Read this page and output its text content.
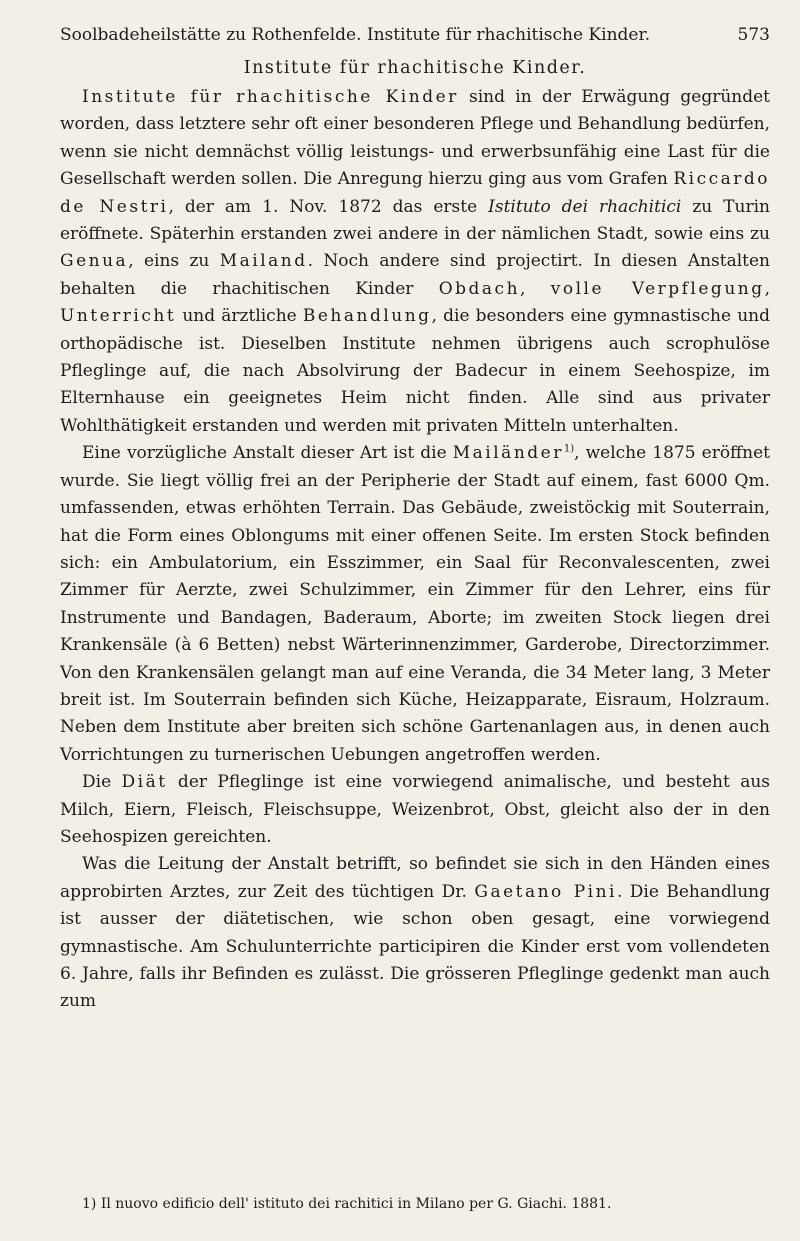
Soolbadeheilstätte zu Rothenfelde. Institute für rhachitische Kinder.	573
Institute für rhachitische Kinder.

Institute für rhachitische Kinder sind in der Erwägung gegründet worden, dass letztere sehr oft einer besonderen Pflege und Behandlung bedürfen, wenn sie nicht demnächst völlig leistungs- und erwerbsunfähig eine Last für die Gesellschaft werden sollen. Die Anregung hierzu ging aus vom Grafen Riccardo de Nestri, der am 1. Nov. 1872 das erste Istituto dei rhachitici zu Turin eröffnete. Späterhin erstanden zwei andere in der nämlichen Stadt, sowie eins zu Genua, eins zu Mailand. Noch andere sind projectirt. In diesen Anstalten behalten die rhachitischen Kinder Obdach, volle Verpflegung, Unterricht und ärztliche Behandlung, die besonders eine gymnastische und orthopädische ist. Dieselben Institute nehmen übrigens auch scrophulöse Pfleglinge auf, die nach Absolvirung der Badecur in einem Seehospize, im Elternhause ein geeignetes Heim nicht finden. Alle sind aus privater Wohlthätigkeit erstanden und werden mit privaten Mitteln unterhalten.

Eine vorzügliche Anstalt dieser Art ist die Mailänder$^{1)}$, welche 1875 eröffnet wurde. Sie liegt völlig frei an der Peripherie der Stadt auf einem, fast 6000 Qm. umfassenden, etwas erhöhten Terrain. Das Gebäude, zweistöckig mit Souterrain, hat die Form eines Oblongums mit einer offenen Seite. Im ersten Stock befinden sich: ein Ambulatorium, ein Esszimmer, ein Saal für Reconvalescenten, zwei Zimmer für Aerzte, zwei Schulzimmer, ein Zimmer für den Lehrer, eins für Instrumente und Bandagen, Baderaum, Aborte; im zweiten Stock liegen drei Krankensäle (à 6 Betten) nebst Wärterinnenzimmer, Garderobe, Directorzimmer. Von den Krankensälen gelangt man auf eine Veranda, die 34 Meter lang, 3 Meter breit ist. Im Souterrain befinden sich Küche, Heizapparate, Eisraum, Holzraum. Neben dem Institute aber breiten sich schöne Gartenanlagen aus, in denen auch Vorrichtungen zu turnerischen Uebungen angetroffen werden.

Die Diät der Pfleglinge ist eine vorwiegend animalische, und besteht aus Milch, Eiern, Fleisch, Fleischsuppe, Weizenbrot, Obst, gleicht also der in den Seehospizen gereichten.

Was die Leitung der Anstalt betrifft, so befindet sie sich in den Händen eines approbirten Arztes, zur Zeit des tüchtigen Dr. Gaetano Pini. Die Behandlung ist ausser der diätetischen, wie schon oben gesagt, eine vorwiegend gymnastische. Am Schulunterrichte participiren die Kinder erst vom vollendeten 6. Jahre, falls ihr Befinden es zulässt. Die grösseren Pfleglinge gedenkt man auch zum

1) Il nuovo edificio dell' istituto dei rachitici in Milano per G. Giachi. 1881.
